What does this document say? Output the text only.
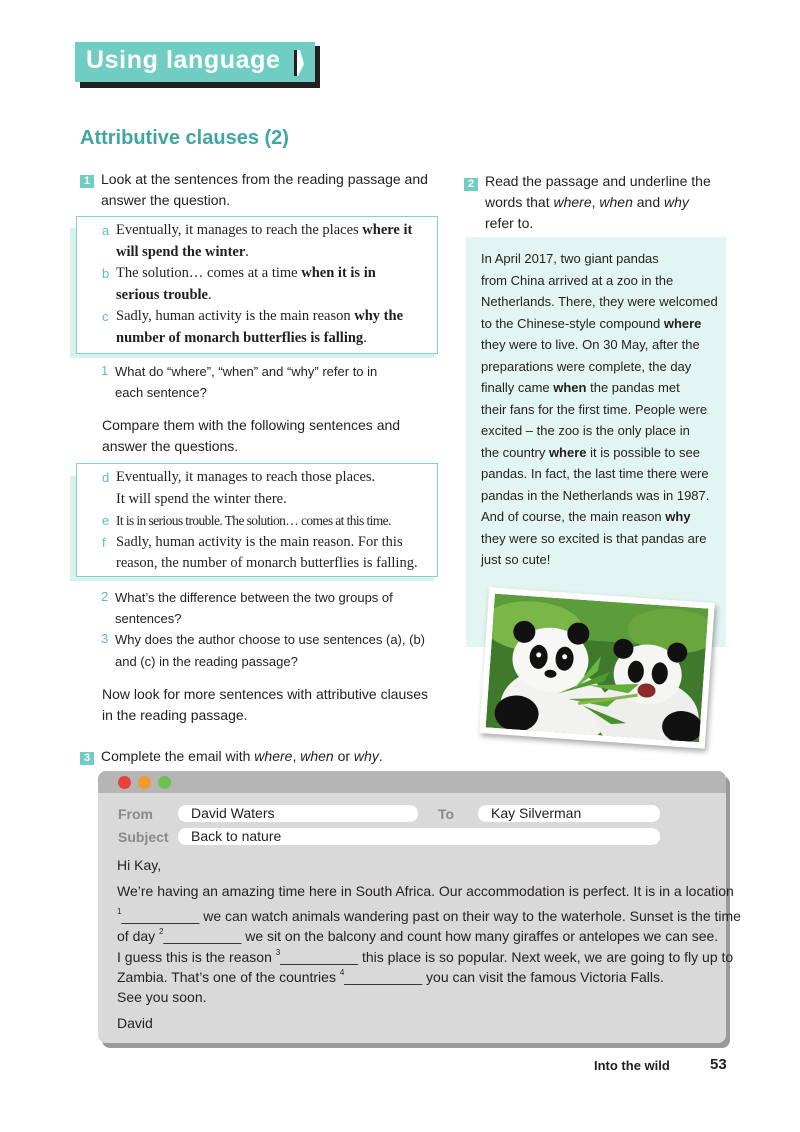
Using language
Attributive clauses (2)
1 Look at the sentences from the reading passage and
answer the question.
a Eventually, it manages to reach the places where it
will spend the winter.
b The solution… comes at a time when it is in
serious trouble.
c Sadly, human activity is the main reason why the
number of monarch butterflies is falling.
1 What do “where”, “when” and “why” refer to in
each sentence?
Compare them with the following sentences and
answer the questions.
d Eventually, it manages to reach those places.
It will spend the winter there.
e It is in serious trouble. The solution… comes at this time.
f Sadly, human activity is the main reason. For this
reason, the number of monarch butterflies is falling.
2 What’s the difference between the two groups of
sentences?
3 Why does the author choose to use sentences (a), (b)
and (c) in the reading passage?
Now look for more sentences with attributive clauses
in the reading passage.
2 Read the passage and underline the
words that where, when and why
refer to.
In April 2017, two giant pandas
from China arrived at a zoo in the
Netherlands. There, they were welcomed
to the Chinese-style compound where
they were to live. On 30 May, after the
preparations were complete, the day
finally came when the pandas met
their fans for the first time. People were
excited – the zoo is the only place in
the country where it is possible to see
pandas. In fact, the last time there were
pandas in the Netherlands was in 1987.
And of course, the main reason why
they were so excited is that pandas are
just so cute!
3 Complete the email with where, when or why.
From	David Waters	To	Kay Silverman
Subject	Back to nature
Hi Kay,
We’re having an amazing time here in South Africa. Our accommodation is perfect. It is in a location
$^1$__________ we can watch animals wandering past on their way to the waterhole. Sunset is the time
of day $^2$__________ we sit on the balcony and count how many giraffes or antelopes we can see.
I guess this is the reason $^3$__________ this place is so popular. Next week, we are going to fly up to
Zambia. That’s one of the countries $^4$__________ you can visit the famous Victoria Falls.
See you soon.
David
Into the wild	53
